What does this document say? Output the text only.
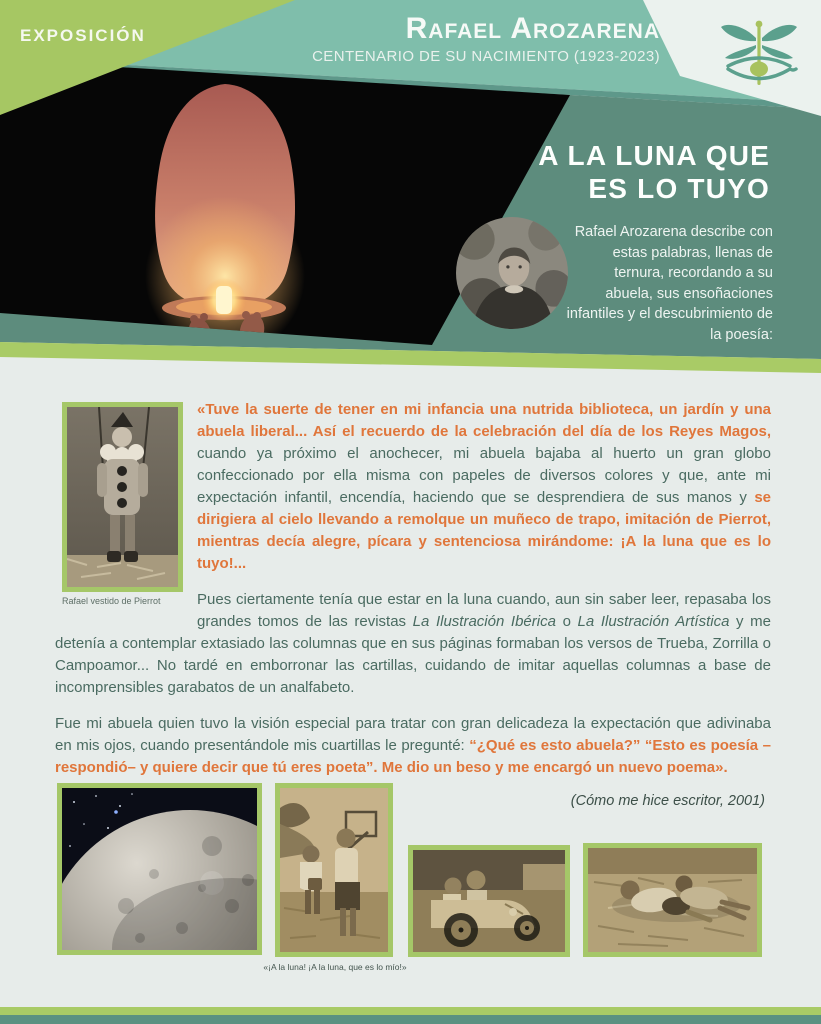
EXPOSICIÓN	Rafael Arozarena
CENTENARIO DE SU NACIMIENTO (1923-2023)
A LA LUNA QUE
ES LO TUYO

Rafael Arozarena describe con estas palabras, llenas de ternura, recordando a su abuela, sus ensoñaciones infantiles y el descubrimiento de la poesía:

Rafael vestido de Pierrot

«Tuve la suerte de tener en mi infancia una nutrida biblioteca, un jardín y una abuela liberal... Así el recuerdo de la celebración del día de los Reyes Magos, cuando ya próximo el anochecer, mi abuela bajaba al huerto un gran globo confeccionado por ella misma con papeles de diversos colores y que, ante mi expectación infantil, encendía, haciendo que se desprendiera de sus manos y se dirigiera al cielo llevando a remolque un muñeco de trapo, imitación de Pierrot, mientras decía alegre, pícara y sentenciosa mirándome: ¡A la luna que es lo tuyo!...

Pues ciertamente tenía que estar en la luna cuando, aun sin saber leer, repasaba los grandes tomos de las revistas La Ilustración Ibérica o La Ilustración Artística y me detenía a contemplar extasiado las columnas que en sus páginas formaban los versos de Trueba, Zorrilla o Campoamor... No tardé en emborronar las cartillas, cuidando de imitar aquellas columnas a base de incomprensibles garabatos de un analfabeto.

Fue mi abuela quien tuvo la visión especial para tratar con gran delicadeza la expectación que adivinaba en mis ojos, cuando presentándole mis cuartillas le pregunté: “¿Qué es esto abuela?” “Esto es poesía –respondió– y quiere decir que tú eres poeta”. Me dio un beso y me encargó un nuevo poema».

(Cómo me hice escritor, 2001)

«¡A la luna! ¡A la luna, que es lo mío!»
